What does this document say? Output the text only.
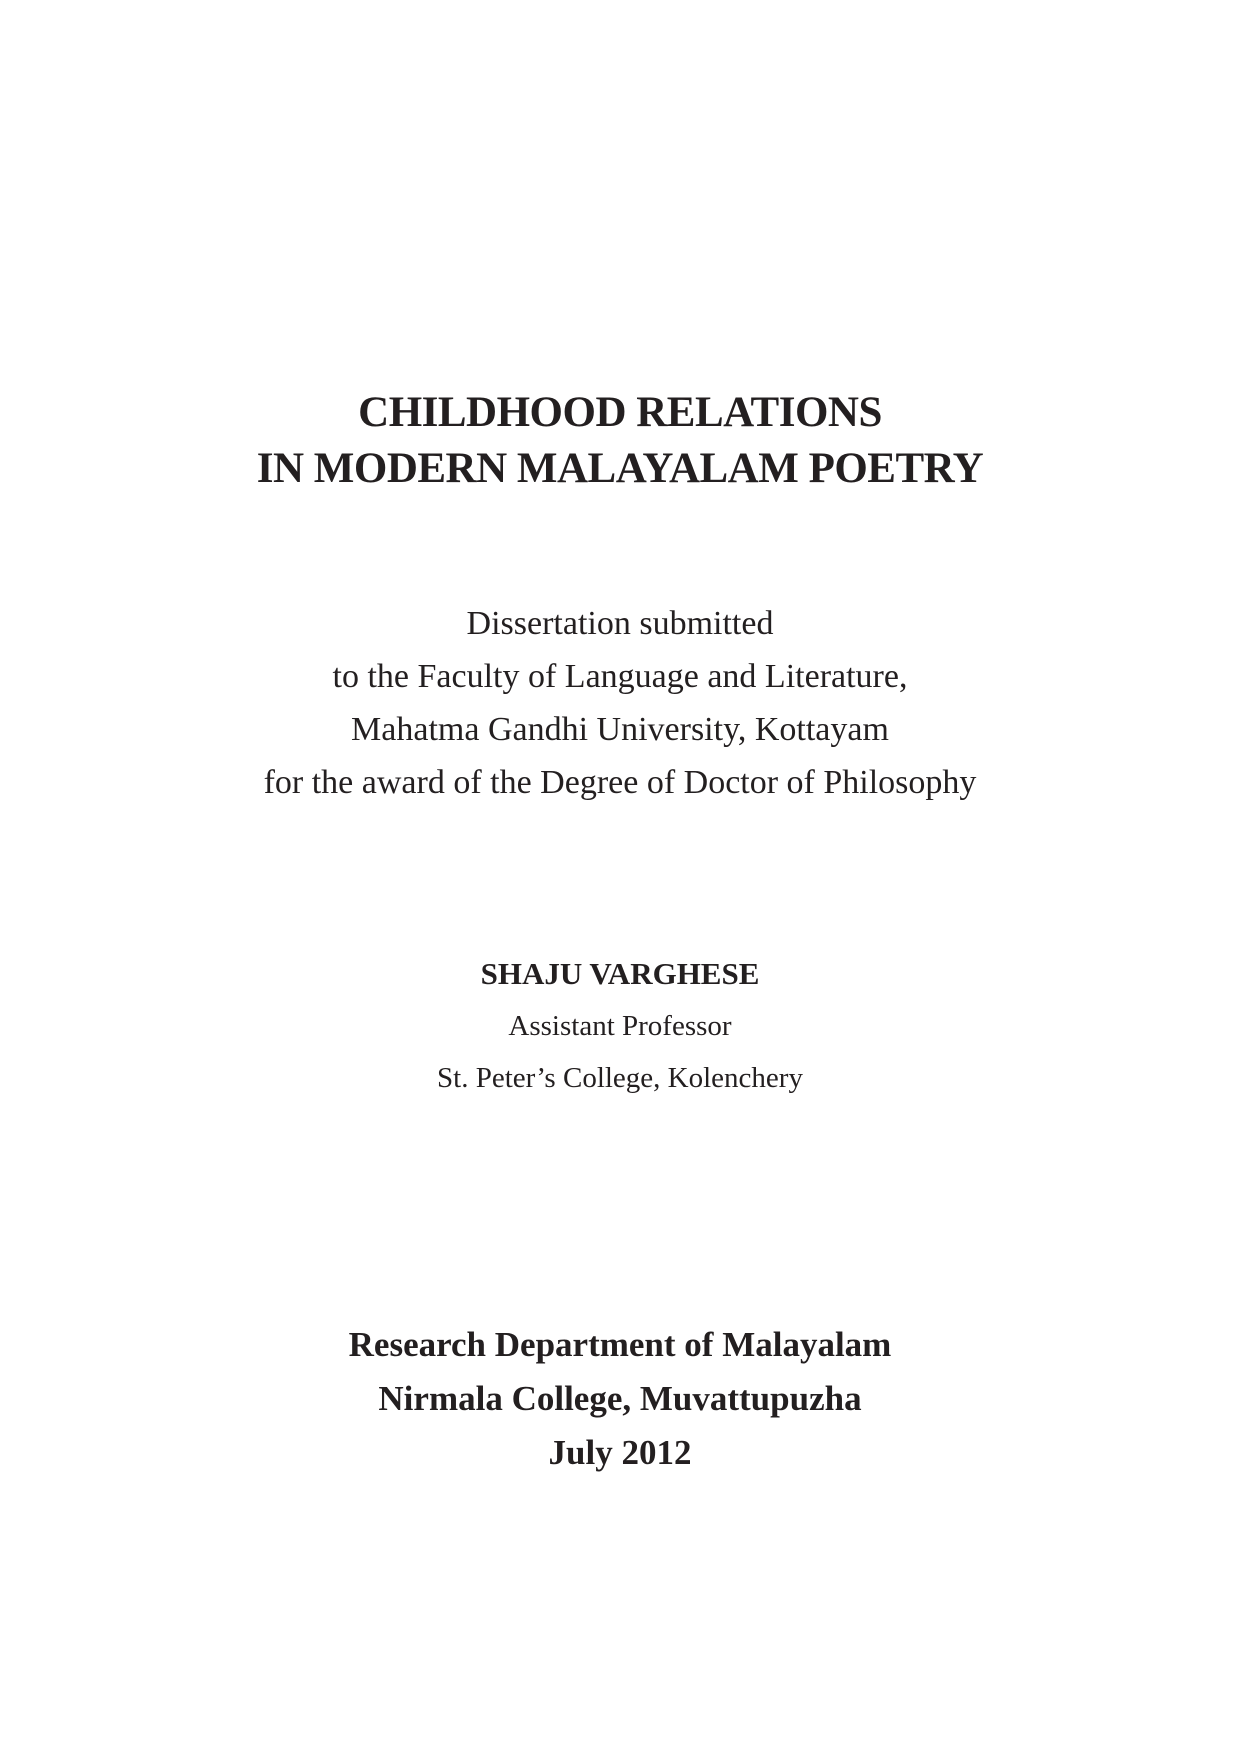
CHILDHOOD RELATIONS
IN MODERN MALAYALAM POETRY
Dissertation submitted
to the Faculty of Language and Literature,
Mahatma Gandhi University, Kottayam
for the award of the Degree of Doctor of Philosophy
SHAJU VARGHESE
Assistant Professor
St. Peter’s College, Kolenchery
Research Department of Malayalam
Nirmala College, Muvattupuzha
July 2012
